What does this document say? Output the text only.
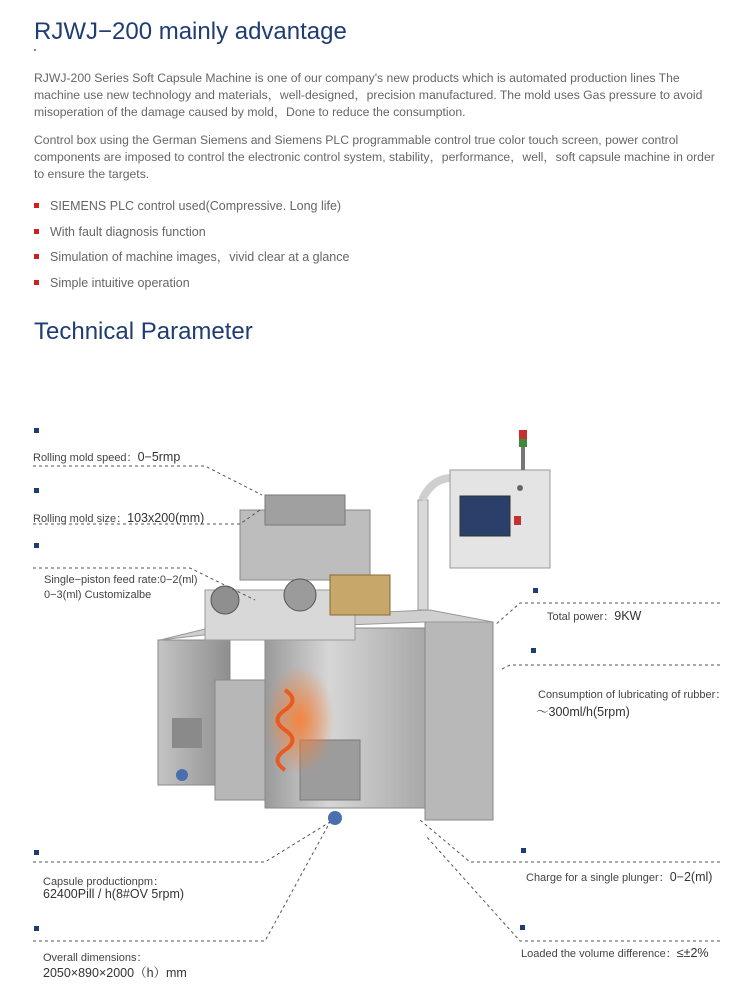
RJWJ−200 mainly advantage

RJWJ-200 Series Soft Capsule Machine is one of our company's new products which is automated production lines The machine use new technology and materials，well-designed，precision manufactured. The mold uses Gas pressure to avoid misoperation of the damage caused by mold，Done to reduce the consumption.

Control box using the German Siemens and Siemens PLC programmable control true color touch screen, power control components are imposed to control the electronic control system, stability，performance，well，soft capsule machine in order to ensure the targets.

SIEMENS PLC control used(Compressive. Long life)
With fault diagnosis function
Simulation of machine images，vivid clear at a glance
Simple intuitive operation
Technical Parameter
Rolling mold speed：0−5rmp
Rolling mold size：103x200(mm)
Single−piston feed rate:0−2(ml)
0−3(ml) Customizalbe
Total power：9KW
Consumption of lubricating of rubber：
～300ml/h(5rpm)
Capsule productionpm：
62400Pill / h(8#OV 5rpm)
Charge for a single plunger：0−2(ml)
Overall dimensions：
2050×890×2000（h）mm
Loaded the volume difference：≤±2%
